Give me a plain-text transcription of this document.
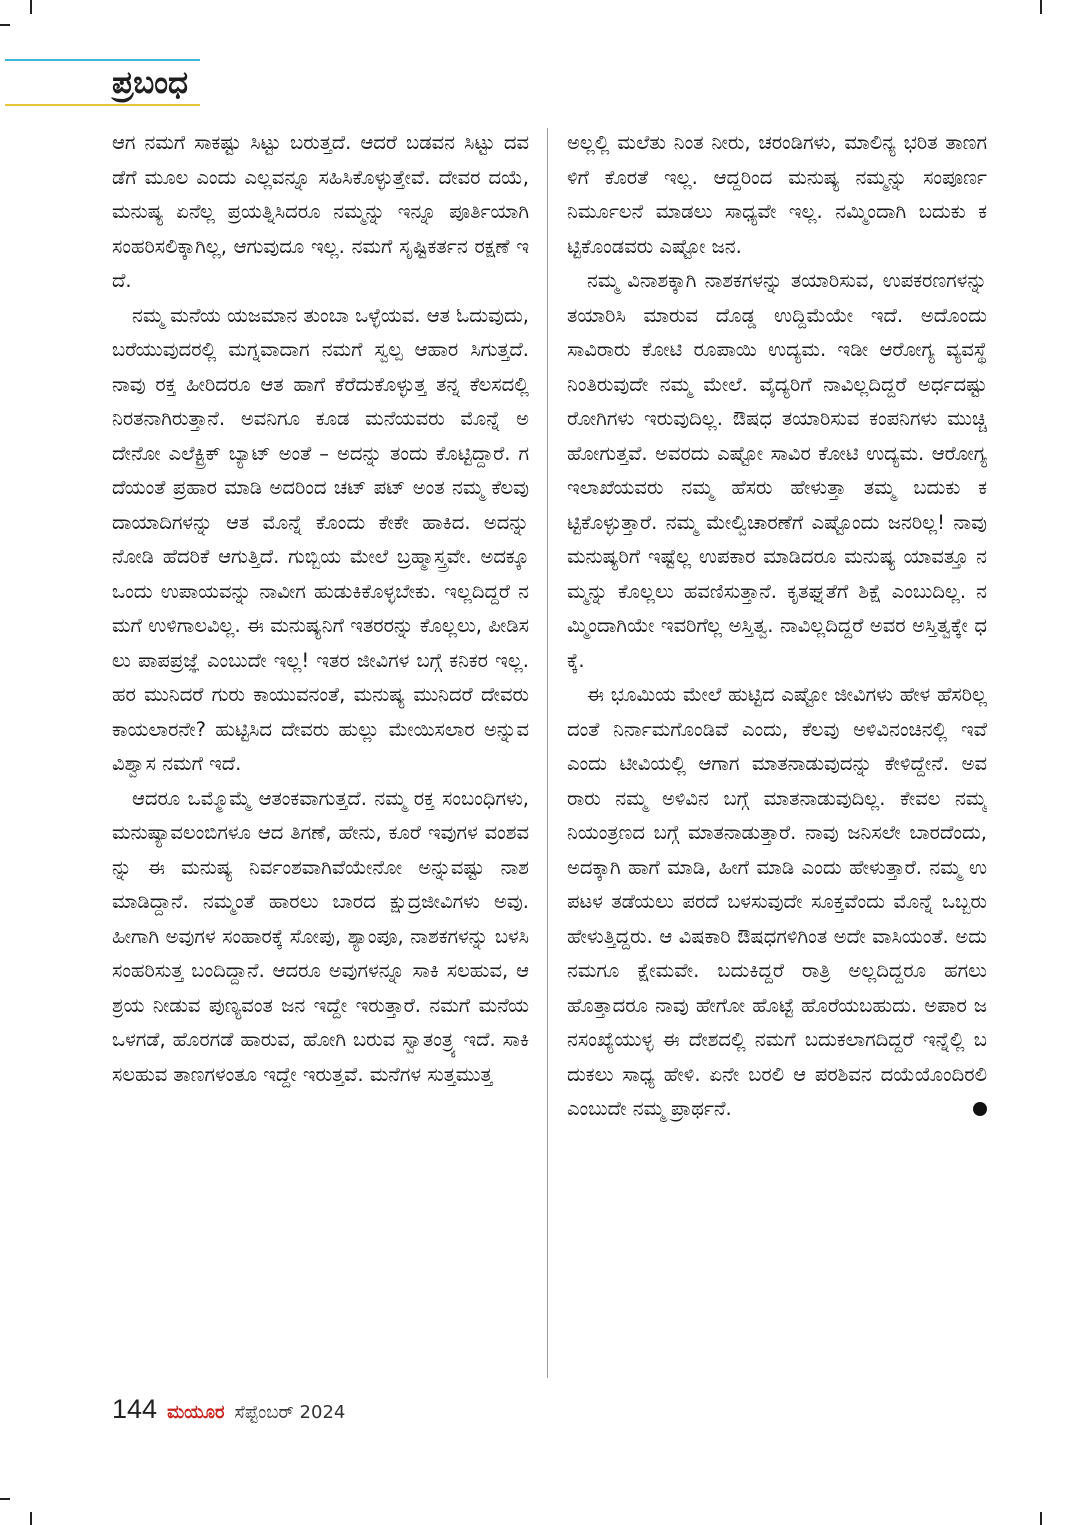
ಪ್ರಬಂಧ

ಆಗ ನಮಗೆ ಸಾಕಷ್ಟು ಸಿಟ್ಟು ಬರುತ್ತದೆ. ಆದರೆ ಬಡವನ ಸಿಟ್ಟು ದವಡೆಗೆ ಮೂಲ ಎಂದು ಎಲ್ಲವನ್ನೂ ಸಹಿಸಿಕೊಳ್ಳುತ್ತೇವೆ. ದೇವರ ದಯೆ, ಮನುಷ್ಯ ಏನೆಲ್ಲ ಪ್ರಯತ್ನಿಸಿದರೂ ನಮ್ಮನ್ನು ಇನ್ನೂ ಪೂರ್ತಿಯಾಗಿ ಸಂಹರಿಸಲಿಕ್ಕಾಗಿಲ್ಲ, ಆಗುವುದೂ ಇಲ್ಲ. ನಮಗೆ ಸೃಷ್ಟಿಕರ್ತನ ರಕ್ಷಣೆ ಇದೆ.

ನಮ್ಮ ಮನೆಯ ಯಜಮಾನ ತುಂಬಾ ಒಳ್ಳೆಯವ. ಆತ ಓದುವುದು, ಬರೆಯುವುದರಲ್ಲಿ ಮಗ್ನವಾದಾಗ ನಮಗೆ ಸ್ವಲ್ಪ ಆಹಾರ ಸಿಗುತ್ತದೆ. ನಾವು ರಕ್ತ ಹೀರಿದರೂ ಆತ ಹಾಗೆ ಕೆರೆದುಕೊಳ್ಳುತ್ತ ತನ್ನ ಕೆಲಸದಲ್ಲಿ ನಿರತನಾಗಿರುತ್ತಾನೆ. ಅವನಿಗೂ ಕೂಡ ಮನೆಯವರು ಮೊನ್ನೆ ಅದೇನೋ ಎಲೆಕ್ಟ್ರಿಕ್ ಬ್ಯಾಟ್ ಅಂತೆ – ಅದನ್ನು ತಂದು ಕೊಟ್ಟಿದ್ದಾರೆ. ಗದೆಯಂತೆ ಪ್ರಹಾರ ಮಾಡಿ ಅದರಿಂದ ಚಟ್ ಪಟ್ ಅಂತ ನಮ್ಮ ಕೆಲವು ದಾಯಾದಿಗಳನ್ನು ಆತ ಮೊನ್ನೆ ಕೊಂದು ಕೇಕೇ ಹಾಕಿದ. ಅದನ್ನು ನೋಡಿ ಹೆದರಿಕೆ ಆಗುತ್ತಿದೆ. ಗುಬ್ಬಿಯ ಮೇಲೆ ಬ್ರಹ್ಮಾಸ್ತ್ರವೇ. ಅದಕ್ಕೂ ಒಂದು ಉಪಾಯವನ್ನು ನಾವೀಗ ಹುಡುಕಿಕೊಳ್ಳಬೇಕು. ಇಲ್ಲದಿದ್ದರೆ ನಮಗೆ ಉಳಿಗಾಲವಿಲ್ಲ. ಈ ಮನುಷ್ಯನಿಗೆ ಇತರರನ್ನು ಕೊಲ್ಲಲು, ಪೀಡಿಸಲು ಪಾಪಪ್ರಜ್ಞೆ ಎಂಬುದೇ ಇಲ್ಲ! ಇತರ ಜೀವಿಗಳ ಬಗ್ಗೆ ಕನಿಕರ ಇಲ್ಲ. ಹರ ಮುನಿದರೆ ಗುರು ಕಾಯುವನಂತೆ, ಮನುಷ್ಯ ಮುನಿದರೆ ದೇವರು ಕಾಯಲಾರನೇ? ಹುಟ್ಟಿಸಿದ ದೇವರು ಹುಲ್ಲು ಮೇಯಿಸಲಾರ ಅನ್ನುವ ವಿಶ್ವಾಸ ನಮಗೆ ಇದೆ.

ಆದರೂ ಒಮ್ಮೊಮ್ಮೆ ಆತಂಕವಾಗುತ್ತದೆ. ನಮ್ಮ ರಕ್ತ ಸಂಬಂಧಿಗಳು, ಮನುಷ್ಯಾವಲಂಬಿಗಳೂ ಆದ ತಿಗಣೆ, ಹೇನು, ಕೂರೆ ಇವುಗಳ ವಂಶವನ್ನು ಈ ಮನುಷ್ಯ ನಿರ್ವಂಶವಾಗಿವೆಯೇನೋ ಅನ್ನುವಷ್ಟು ನಾಶ ಮಾಡಿದ್ದಾನೆ. ನಮ್ಮಂತೆ ಹಾರಲು ಬಾರದ ಕ್ಷುದ್ರಜೀವಿಗಳು ಅವು. ಹೀಗಾಗಿ ಅವುಗಳ ಸಂಹಾರಕ್ಕೆ ಸೋಪು, ಶ್ಯಾಂಪೂ, ನಾಶಕಗಳನ್ನು ಬಳಸಿ ಸಂಹರಿಸುತ್ತ ಬಂದಿದ್ದಾನೆ. ಆದರೂ ಅವುಗಳನ್ನೂ ಸಾಕಿ ಸಲಹುವ, ಆಶ್ರಯ ನೀಡುವ ಪುಣ್ಯವಂತ ಜನ ಇದ್ದೇ ಇರುತ್ತಾರೆ. ನಮಗೆ ಮನೆಯ ಒಳಗಡೆ, ಹೊರಗಡೆ ಹಾರುವ, ಹೋಗಿ ಬರುವ ಸ್ವಾತಂತ್ರ್ಯ ಇದೆ. ಸಾಕಿ ಸಲಹುವ ತಾಣಗಳಂತೂ ಇದ್ದೇ ಇರುತ್ತವೆ. ಮನೆಗಳ ಸುತ್ತಮುತ್ತ

ಅಲ್ಲಲ್ಲಿ ಮಲೆತು ನಿಂತ ನೀರು, ಚರಂಡಿಗಳು, ಮಾಲಿನ್ಯ ಭರಿತ ತಾಣಗಳಿಗೆ ಕೊರತೆ ಇಲ್ಲ. ಆದ್ದರಿಂದ ಮನುಷ್ಯ ನಮ್ಮನ್ನು ಸಂಪೂರ್ಣ ನಿರ್ಮೂಲನೆ ಮಾಡಲು ಸಾಧ್ಯವೇ ಇಲ್ಲ. ನಮ್ಮಿಂದಾಗಿ ಬದುಕು ಕಟ್ಟಿಕೊಂಡವರು ಎಷ್ಟೋ ಜನ.

ನಮ್ಮ ವಿನಾಶಕ್ಕಾಗಿ ನಾಶಕಗಳನ್ನು ತಯಾರಿಸುವ, ಉಪಕರಣಗಳನ್ನು ತಯಾರಿಸಿ ಮಾರುವ ದೊಡ್ಡ ಉದ್ದಿಮೆಯೇ ಇದೆ. ಅದೊಂದು ಸಾವಿರಾರು ಕೋಟಿ ರೂಪಾಯಿ ಉದ್ಯಮ. ಇಡೀ ಆರೋಗ್ಯ ವ್ಯವಸ್ಥೆ ನಿಂತಿರುವುದೇ ನಮ್ಮ ಮೇಲೆ. ವೈದ್ಯರಿಗೆ ನಾವಿಲ್ಲದಿದ್ದರೆ ಅರ್ಧದಷ್ಟು ರೋಗಿಗಳು ಇರುವುದಿಲ್ಲ. ಔಷಧ ತಯಾರಿಸುವ ಕಂಪನಿಗಳು ಮುಚ್ಚಿ ಹೋಗುತ್ತವೆ. ಅವರದು ಎಷ್ಟೋ ಸಾವಿರ ಕೋಟಿ ಉದ್ಯಮ. ಆರೋಗ್ಯ ಇಲಾಖೆಯವರು ನಮ್ಮ ಹೆಸರು ಹೇಳುತ್ತಾ ತಮ್ಮ ಬದುಕು ಕಟ್ಟಿಕೊಳ್ಳುತ್ತಾರೆ. ನಮ್ಮ ಮೇಲ್ವಿಚಾರಣೆಗೆ ಎಷ್ಟೊಂದು ಜನರಿಲ್ಲ! ನಾವು ಮನುಷ್ಯರಿಗೆ ಇಷ್ಟೆಲ್ಲ ಉಪಕಾರ ಮಾಡಿದರೂ ಮನುಷ್ಯ ಯಾವತ್ತೂ ನಮ್ಮನ್ನು ಕೊಲ್ಲಲು ಹವಣಿಸುತ್ತಾನೆ. ಕೃತಘ್ನತೆಗೆ ಶಿಕ್ಷೆ ಎಂಬುದಿಲ್ಲ. ನಮ್ಮಿಂದಾಗಿಯೇ ಇವರಿಗೆಲ್ಲ ಅಸ್ತಿತ್ವ. ನಾವಿಲ್ಲದಿದ್ದರೆ ಅವರ ಅಸ್ತಿತ್ವಕ್ಕೇ ಧಕ್ಕೆ.

ಈ ಭೂಮಿಯ ಮೇಲೆ ಹುಟ್ಟಿದ ಎಷ್ಟೋ ಜೀವಿಗಳು ಹೇಳ ಹೆಸರಿಲ್ಲದಂತೆ ನಿರ್ನಾಮಗೊಂಡಿವೆ ಎಂದು, ಕೆಲವು ಅಳಿವಿನಂಚಿನಲ್ಲಿ ಇವೆ ಎಂದು ಟೀವಿಯಲ್ಲಿ ಆಗಾಗ ಮಾತನಾಡುವುದನ್ನು ಕೇಳಿದ್ದೇನೆ. ಅವರಾರು ನಮ್ಮ ಅಳಿವಿನ ಬಗ್ಗೆ ಮಾತನಾಡುವುದಿಲ್ಲ. ಕೇವಲ ನಮ್ಮ ನಿಯಂತ್ರಣದ ಬಗ್ಗೆ ಮಾತನಾಡುತ್ತಾರೆ. ನಾವು ಜನಿಸಲೇ ಬಾರದೆಂದು, ಅದಕ್ಕಾಗಿ ಹಾಗೆ ಮಾಡಿ, ಹೀಗೆ ಮಾಡಿ ಎಂದು ಹೇಳುತ್ತಾರೆ. ನಮ್ಮ ಉಪಟಳ ತಡೆಯಲು ಪರದೆ ಬಳಸುವುದೇ ಸೂಕ್ತವೆಂದು ಮೊನ್ನೆ ಒಬ್ಬರು ಹೇಳುತ್ತಿದ್ದರು. ಆ ವಿಷಕಾರಿ ಔಷಧಗಳಿಗಿಂತ ಅದೇ ವಾಸಿಯಂತೆ. ಅದು ನಮಗೂ ಕ್ಷೇಮವೇ. ಬದುಕಿದ್ದರೆ ರಾತ್ರಿ ಅಲ್ಲದಿದ್ದರೂ ಹಗಲು ಹೊತ್ತಾದರೂ ನಾವು ಹೇಗೋ ಹೊಟ್ಟೆ ಹೊರೆಯಬಹುದು. ಅಪಾರ ಜನಸಂಖ್ಯೆಯುಳ್ಳ ಈ ದೇಶದಲ್ಲಿ ನಮಗೆ ಬದುಕಲಾಗದಿದ್ದರೆ ಇನ್ನೆಲ್ಲಿ ಬದುಕಲು ಸಾಧ್ಯ ಹೇಳಿ. ಏನೇ ಬರಲಿ ಆ ಪರಶಿವನ ದಯೆಯೊಂದಿರಲಿ ಎಂಬುದೇ ನಮ್ಮ ಪ್ರಾರ್ಥನೆ.

144 ಮಯೂರ ಸೆಪ್ಟೆಂಬರ್ 2024
